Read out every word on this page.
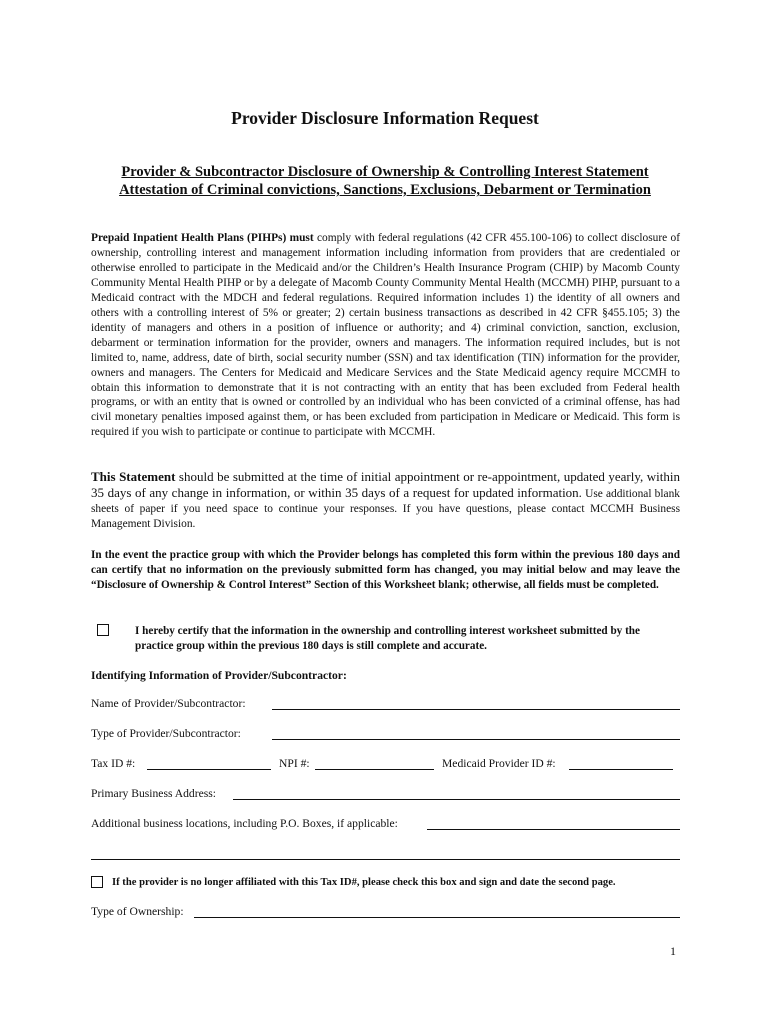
Provider Disclosure Information Request
Provider & Subcontractor Disclosure of Ownership & Controlling Interest Statement
Attestation of Criminal convictions, Sanctions, Exclusions, Debarment or Termination
Prepaid Inpatient Health Plans (PIHPs) must comply with federal regulations (42 CFR 455.100-106) to collect disclosure of ownership, controlling interest and management information including information from providers that are credentialed or otherwise enrolled to participate in the Medicaid and/or the Children’s Health Insurance Program (CHIP) by Macomb County Community Mental Health PIHP or by a delegate of Macomb County Community Mental Health (MCCMH) PIHP, pursuant to a Medicaid contract with the MDCH and federal regulations. Required information includes 1) the identity of all owners and others with a controlling interest of 5% or greater; 2) certain business transactions as described in 42 CFR §455.105; 3) the identity of managers and others in a position of influence or authority; and 4) criminal conviction, sanction, exclusion, debarment or termination information for the provider, owners and managers. The information required includes, but is not limited to, name, address, date of birth, social security number (SSN) and tax identification (TIN) information for the provider, owners and managers. The Centers for Medicaid and Medicare Services and the State Medicaid agency require MCCMH to obtain this information to demonstrate that it is not contracting with an entity that has been excluded from Federal health programs, or with an entity that is owned or controlled by an individual who has been convicted of a criminal offense, has had civil monetary penalties imposed against them, or has been excluded from participation in Medicare or Medicaid. This form is required if you wish to participate or continue to participate with MCCMH.
This Statement should be submitted at the time of initial appointment or re-appointment, updated yearly, within 35 days of any change in information, or within 35 days of a request for updated information. Use additional blank sheets of paper if you need space to continue your responses. If you have questions, please contact MCCMH Business Management Division.
In the event the practice group with which the Provider belongs has completed this form within the previous 180 days and can certify that no information on the previously submitted form has changed, you may initial below and may leave the “Disclosure of Ownership & Control Interest” Section of this Worksheet blank; otherwise, all fields must be completed.
I hereby certify that the information in the ownership and controlling interest worksheet submitted by the practice group within the previous 180 days is still complete and accurate.
Identifying Information of Provider/Subcontractor:
Name of Provider/Subcontractor:
Type of Provider/Subcontractor:
Tax ID #:	NPI #:	Medicaid Provider ID #:
Primary Business Address:
Additional business locations, including P.O. Boxes, if applicable:
If the provider is no longer affiliated with this Tax ID#, please check this box and sign and date the second page.
Type of Ownership:
1
